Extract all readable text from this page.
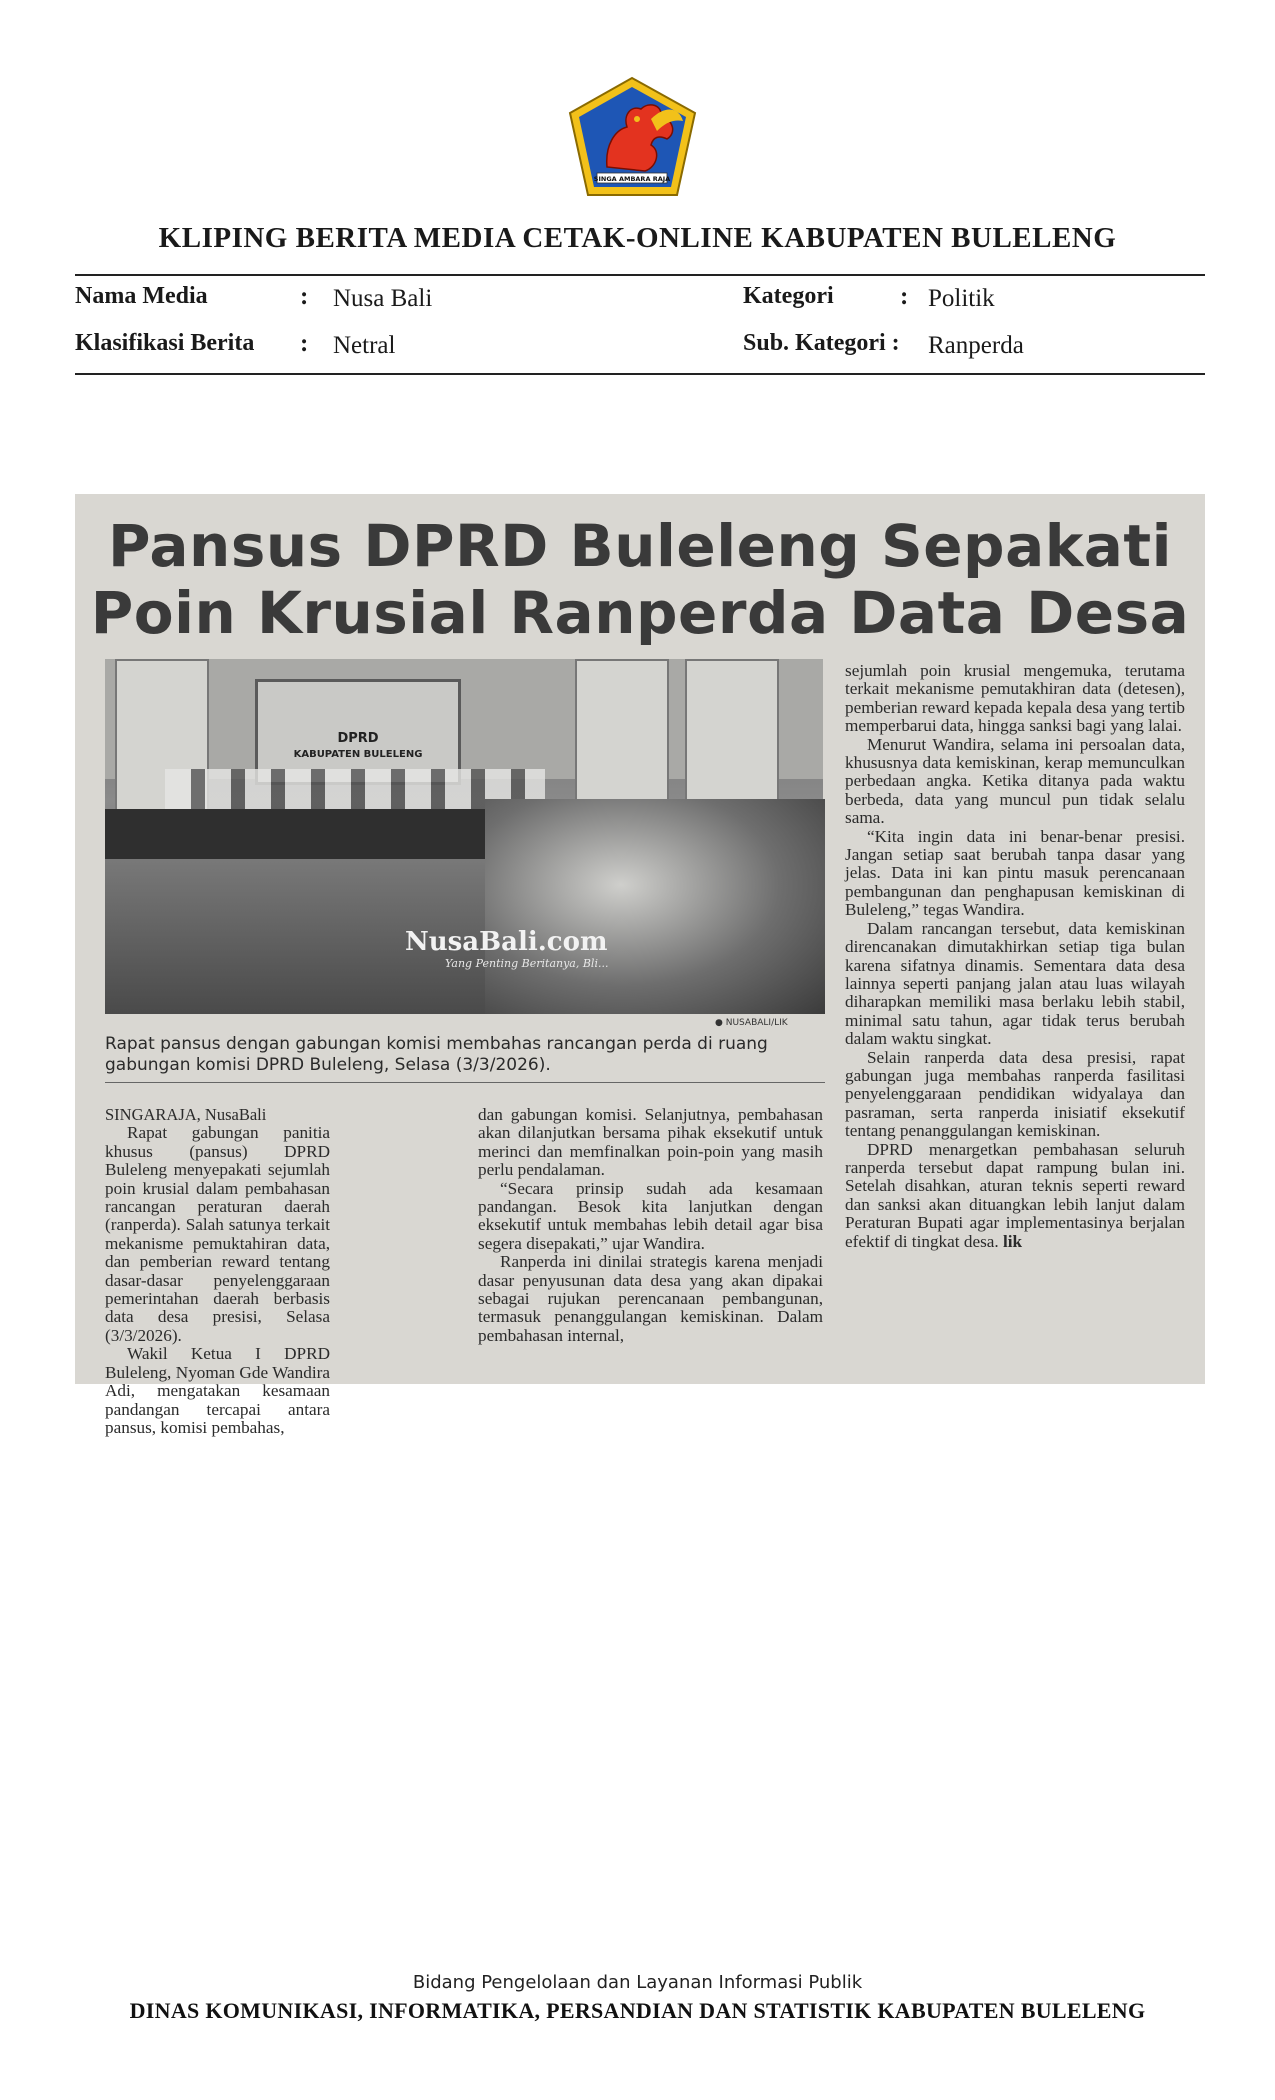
SINGA AMBARA RAJA
KLIPING BERITA MEDIA CETAK-ONLINE KABUPATEN BULELENG
Nama Media	: Nusa Bali
Klasifikasi Berita : Netral
Kategori	: Politik
Sub. Kategori : Ranperda
Pansus DPRD Buleleng Sepakati
Poin Krusial Ranperda Data Desa
DPRD
KABUPATEN BULELENG
NusaBali.com
Yang Penting Beritanya, Bli...
● NUSABALI/LIK
Rapat pansus dengan gabungan komisi membahas rancangan perda di ruang gabungan komisi DPRD Buleleng, Selasa (3/3/2026).
SINGARAJA, NusaBali

Rapat gabungan panitia khusus (pansus) DPRD Buleleng menyepakati sejumlah poin krusial dalam pembahasan rancangan peraturan daerah (ranperda). Salah satunya terkait mekanisme pemuktahiran data, dan pemberian reward tentang dasar-dasar penyelenggaraan pemerintahan daerah berbasis data desa presisi, Selasa (3/3/2026).

Wakil Ketua I DPRD Buleleng, Nyoman Gde Wandira Adi, mengatakan kesamaan pandangan tercapai antara pansus, komisi pembahas,

dan gabungan komisi. Selanjutnya, pembahasan akan dilanjutkan bersama pihak eksekutif untuk merinci dan memfinalkan poin-poin yang masih perlu pendalaman.

“Secara prinsip sudah ada kesamaan pandangan. Besok kita lanjutkan dengan eksekutif untuk membahas lebih detail agar bisa segera disepakati,” ujar Wandira.

Ranperda ini dinilai strategis karena menjadi dasar penyusunan data desa yang akan dipakai sebagai rujukan perencanaan pembangunan, termasuk penanggulangan kemiskinan. Dalam pembahasan internal,

sejumlah poin krusial mengemuka, terutama terkait mekanisme pemutakhiran data (detesen), pemberian reward kepada kepala desa yang tertib memperbarui data, hingga sanksi bagi yang lalai.

Menurut Wandira, selama ini persoalan data, khususnya data kemiskinan, kerap memunculkan perbedaan angka. Ketika ditanya pada waktu berbeda, data yang muncul pun tidak selalu sama.

“Kita ingin data ini benar-benar presisi. Jangan setiap saat berubah tanpa dasar yang jelas. Data ini kan pintu masuk perencanaan pembangunan dan penghapusan kemiskinan di Buleleng,” tegas Wandira.

Dalam rancangan tersebut, data kemiskinan direncanakan dimutakhirkan setiap tiga bulan karena sifatnya dinamis. Sementara data desa lainnya seperti panjang jalan atau luas wilayah diharapkan memiliki masa berlaku lebih stabil, minimal satu tahun, agar tidak terus berubah dalam waktu singkat.

Selain ranperda data desa presisi, rapat gabungan juga membahas ranperda fasilitasi penyelenggaraan pendidikan widyalaya dan pasraman, serta ranperda inisiatif eksekutif tentang penanggulangan kemiskinan.

DPRD menargetkan pembahasan seluruh ranperda tersebut dapat rampung bulan ini. Setelah disahkan, aturan teknis seperti reward dan sanksi akan dituangkan lebih lanjut dalam Peraturan Bupati agar implementasinya berjalan efektif di tingkat desa. lik

Bidang Pengelolaan dan Layanan Informasi Publik
DINAS KOMUNIKASI, INFORMATIKA, PERSANDIAN DAN STATISTIK KABUPATEN BULELENG
